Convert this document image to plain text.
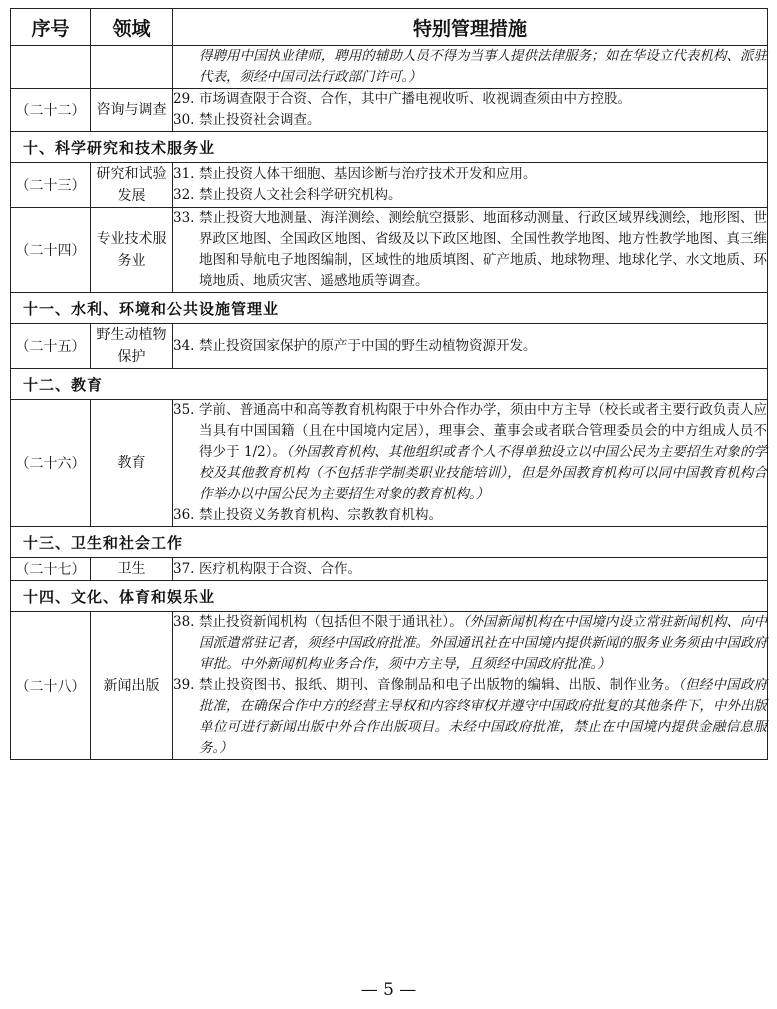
序号	领域	特别管理措施

		得聘用中国执业律师，聘用的辅助人员不得为当事人提供法律服务；如在华设立代表机构、派驻代表，须经中国司法行政部门许可。）

（二十二）	咨询与调查	29. 市场调查限于合资、合作，其中广播电视收听、收视调查须由中方控股。
30. 禁止投资社会调查。

十、科学研究和技术服务业		
（二十三）	研究和试验发展	31. 禁止投资人体干细胞、基因诊断与治疗技术开发和应用。
32. 禁止投资人文社会科学研究机构。

（二十四）	专业技术服务业	33. 禁止投资大地测量、海洋测绘、测绘航空摄影、地面移动测量、行政区域界线测绘，地形图、世界政区地图、全国政区地图、省级及以下政区地图、全国性教学地图、地方性教学地图、真三维地图和导航电子地图编制，区域性的地质填图、矿产地质、地球物理、地球化学、水文地质、环境地质、地质灾害、遥感地质等调查。

十一、水利、环境和公共设施管理业		
（二十五）	野生动植物保护	34. 禁止投资国家保护的原产于中国的野生动植物资源开发。

十二、教育		
（二十六）	教育	35. 学前、普通高中和高等教育机构限于中外合作办学，须由中方主导（校长或者主要行政负责人应当具有中国国籍（且在中国境内定居），理事会、董事会或者联合管理委员会的中方组成人员不得少于 1/2）。（外国教育机构、其他组织或者个人不得单独设立以中国公民为主要招生对象的学校及其他教育机构（不包括非学制类职业技能培训），但是外国教育机构可以同中国教育机构合作举办以中国公民为主要招生对象的教育机构。）
36. 禁止投资义务教育机构、宗教教育机构。

十三、卫生和社会工作		
（二十七）	卫生	37. 医疗机构限于合资、合作。

十四、文化、体育和娱乐业		
（二十八）	新闻出版	38. 禁止投资新闻机构（包括但不限于通讯社）。（外国新闻机构在中国境内设立常驻新闻机构、向中国派遣常驻记者，须经中国政府批准。外国通讯社在中国境内提供新闻的服务业务须由中国政府审批。中外新闻机构业务合作，须中方主导，且须经中国政府批准。）
39. 禁止投资图书、报纸、期刊、音像制品和电子出版物的编辑、出版、制作业务。（但经中国政府批准，在确保合作中方的经营主导权和内容终审权并遵守中国政府批复的其他条件下，中外出版单位可进行新闻出版中外合作出版项目。未经中国政府批准，禁止在中国境内提供金融信息服务。）
— 5 —
